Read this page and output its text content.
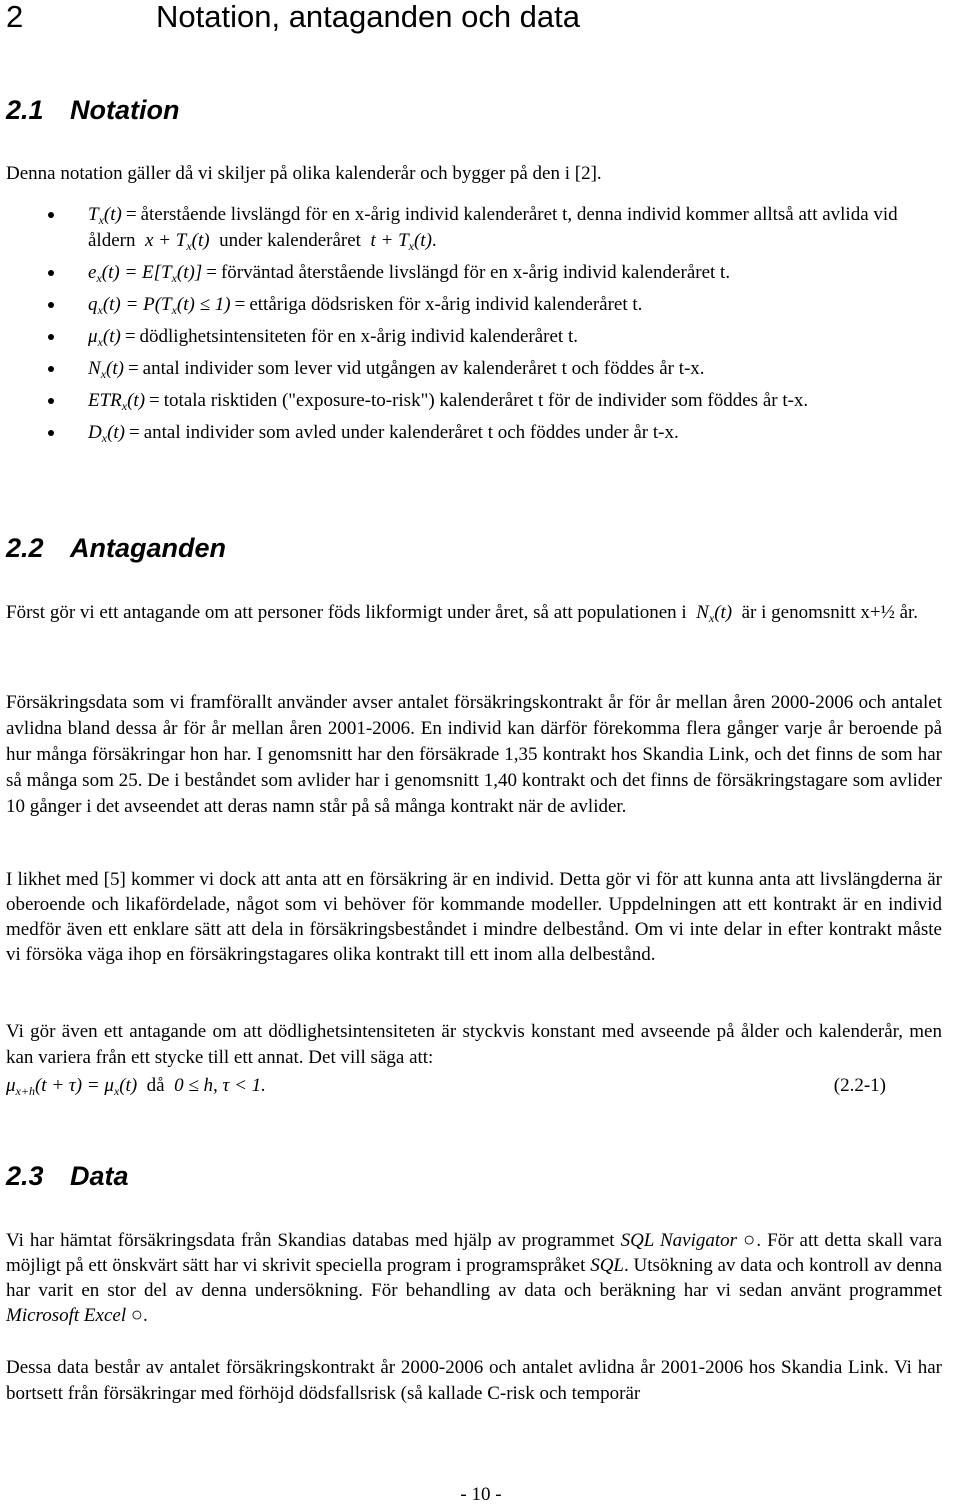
2	Notation, antaganden och data
2.1 Notation
Denna notation gäller då vi skiljer på olika kalenderår och bygger på den i [2].
$T_x(t)$ = återstående livslängd för en x-årig individ kalenderåret t, denna individ kommer alltså att avlida vid åldern  $x + T_x(t)$ under kalenderåret  $t + T_x(t)$.
$e_x(t) = E[T_x(t)]$ = förväntad återstående livslängd för en x-årig individ kalenderåret t.
$q_x(t) = P(T_x(t) \le 1)$ = ettåriga dödsrisken för x-årig individ kalenderåret t.
$\mu_x(t)$ = dödlighetsintensiteten för en x-årig individ kalenderåret t.
$N_x(t)$ = antal individer som lever vid utgången av kalenderåret t och föddes år t-x.
$ETR_x(t)$ = totala risktiden ("exposure-to-risk") kalenderåret t för de individer som föddes år t-x.
$D_x(t)$ = antal individer som avled under kalenderåret t och föddes under år t-x.
2.2 Antaganden
Först gör vi ett antagande om att personer föds likformigt under året, så att populationen i  $N_x(t)$ är i genomsnitt x+½ år.
Försäkringsdata som vi framförallt använder avser antalet försäkringskontrakt år för år mellan åren 2000-2006 och antalet avlidna bland dessa år för år mellan åren 2001-2006. En individ kan därför förekomma flera gånger varje år beroende på hur många försäkringar hon har. I genomsnitt har den försäkrade 1,35 kontrakt hos Skandia Link, och det finns de som har så många som 25. De i beståndet som avlider har i genomsnitt 1,40 kontrakt och det finns de försäkringstagare som avlider 10 gånger i det avseendet att deras namn står på så många kontrakt när de avlider.
I likhet med [5] kommer vi dock att anta att en försäkring är en individ. Detta gör vi för att kunna anta att livslängderna är oberoende och likafördelade, något som vi behöver för kommande modeller. Uppdelningen att ett kontrakt är en individ medför även ett enklare sätt att dela in försäkringsbeståndet i mindre delbestånd. Om vi inte delar in efter kontrakt måste vi försöka väga ihop en försäkringstagares olika kontrakt till ett inom alla delbestånd.
Vi gör även ett antagande om att dödlighetsintensiteten är styckvis konstant med avseende på ålder och kalenderår, men kan variera från ett stycke till ett annat. Det vill säga att:
$\mu_{x+h}(t + \tau) = \mu_x(t)$ då 0 ≤ h, τ < 1.	(2.2-1)
2.3 Data
Vi har hämtat försäkringsdata från Skandias databas med hjälp av programmet SQL Navigator ○. För att detta skall vara möjligt på ett önskvärt sätt har vi skrivit speciella program i programspråket SQL. Utsökning av data och kontroll av denna har varit en stor del av denna undersökning. För behandling av data och beräkning har vi sedan använt programmet Microsoft Excel ○.
Dessa data består av antalet försäkringskontrakt år 2000-2006 och antalet avlidna år 2001-2006 hos Skandia Link. Vi har bortsett från försäkringar med förhöjd dödsfallsrisk (så kallade C-risk och temporär
- 10 -
